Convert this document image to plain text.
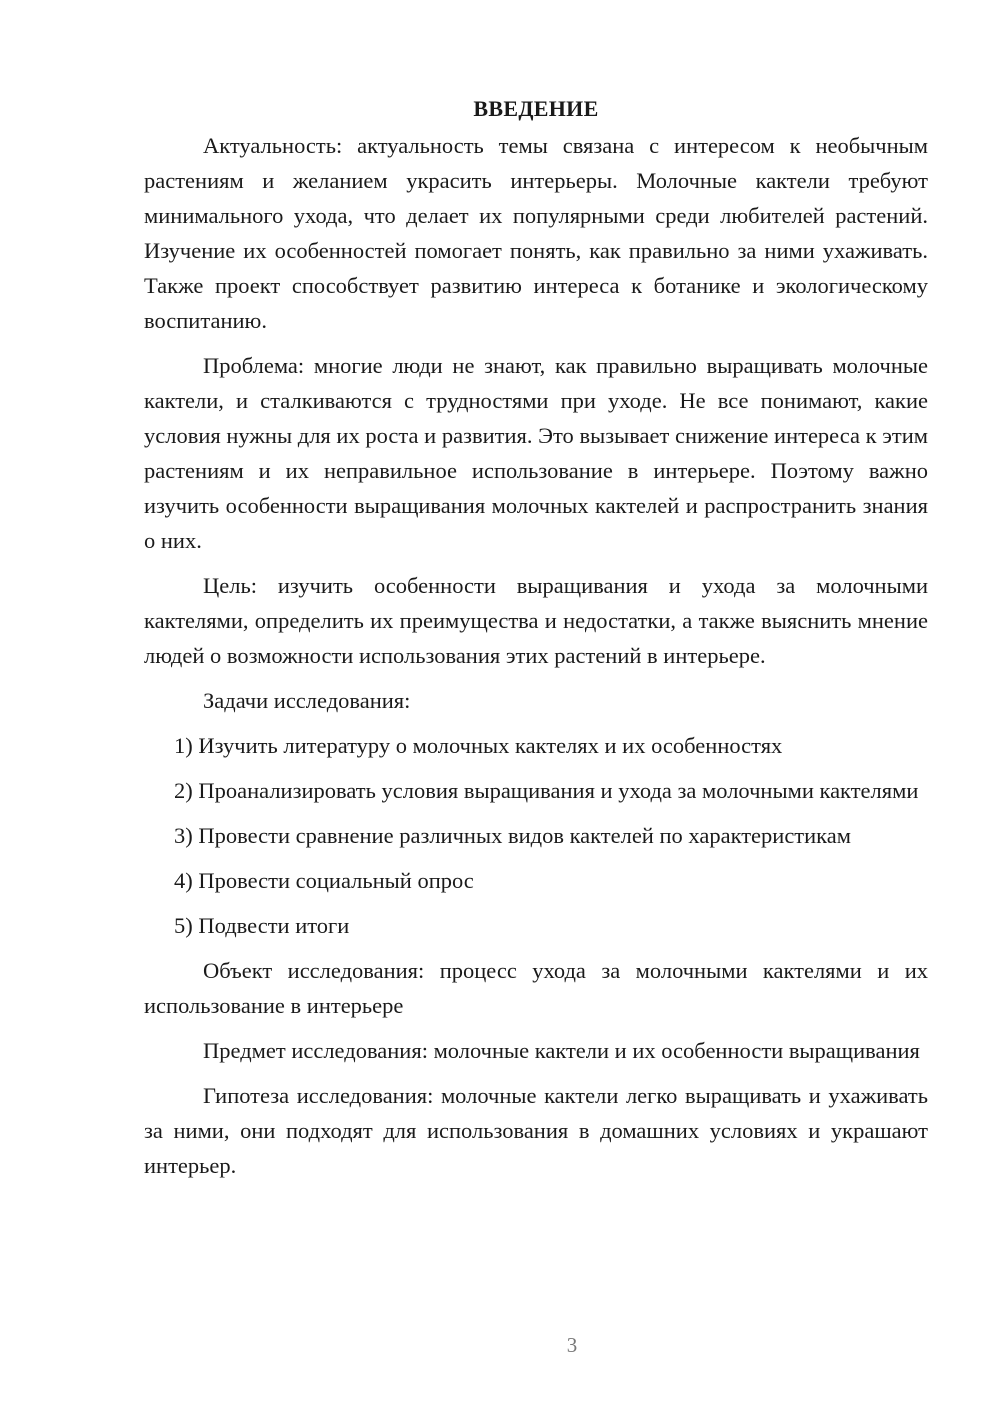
ВВЕДЕНИЕ

Актуальность: актуальность темы связана с интересом к необычным растениям и желанием украсить интерьеры. Молочные кактели требуют минимального ухода, что делает их популярными среди любителей растений. Изучение их особенностей помогает понять, как правильно за ними ухаживать. Также проект способствует развитию интереса к ботанике и экологическому воспитанию.

Проблема: многие люди не знают, как правильно выращивать молочные кактели, и сталкиваются с трудностями при уходе. Не все понимают, какие условия нужны для их роста и развития. Это вызывает снижение интереса к этим растениям и их неправильное использование в интерьере. Поэтому важно изучить особенности выращивания молочных кактелей и распространить знания о них.

Цель: изучить особенности выращивания и ухода за молочными кактелями, определить их преимущества и недостатки, а также выяснить мнение людей о возможности использования этих растений в интерьере.

Задачи исследования:

1) Изучить литературу о молочных кактелях и их особенностях

2) Проанализировать условия выращивания и ухода за молочными кактелями

3) Провести сравнение различных видов кактелей по характеристикам

4) Провести социальный опрос

5) Подвести итоги

Объект исследования: процесс ухода за молочными кактелями и их использование в интерьере

Предмет исследования: молочные кактели и их особенности выращивания

Гипотеза исследования: молочные кактели легко выращивать и ухаживать за ними, они подходят для использования в домашних условиях и украшают интерьер.

3
